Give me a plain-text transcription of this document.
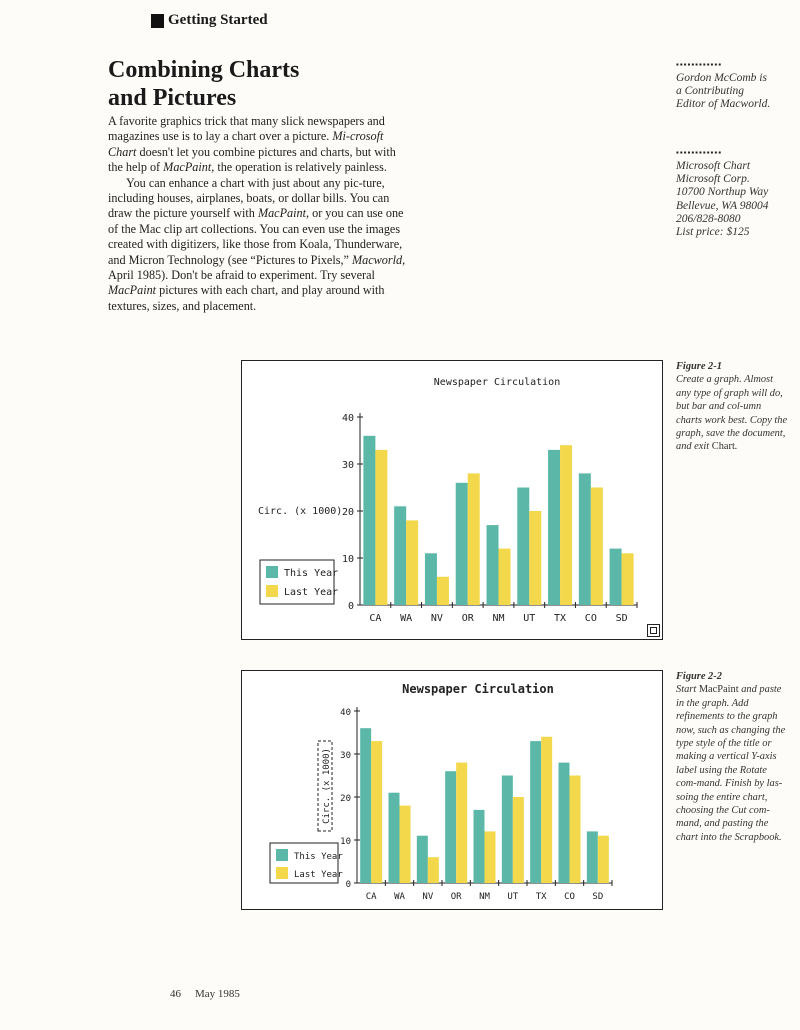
Getting Started
Combining Charts
and Pictures

A favorite graphics trick that many slick newspapers and magazines use is to lay a chart over a picture. Mi-crosoft Chart doesn't let you combine pictures and charts, but with the help of MacPaint, the operation is relatively painless.

You can enhance a chart with just about any pic-ture, including houses, airplanes, boats, or dollar bills. You can draw the picture yourself with MacPaint, or you can use one of the Mac clip art collections. You can even use the images created with digitizers, like those from Koala, Thunderware, and Micron Technology (see “Pictures to Pixels,” Macworld, April 1985). Don't be afraid to experiment. Try several MacPaint pictures with each chart, and play around with textures, sizes, and placement.

▪▪▪▪▪▪▪▪▪▪▪▪
Gordon McComb is
a Contributing
Editor of Macworld.
▪▪▪▪▪▪▪▪▪▪▪▪
Microsoft Chart
Microsoft Corp.
10700 Northup Way
Bellevue, WA 98004
206/828-8080
List price: $125
Newspaper Circulation
0
10
20
30
40
CA WA NV OR NM UT TX CO SD
Circ. (x 1000)
This Year
Last Year
Newspaper Circulation
0
10
20
30
40
CA WA NV OR NM UT TX CO SD
Circ. (x 1000)
This Year
Last Year
Figure 2-1
Create a graph. Almost any type of graph will do, but bar and col-umn charts work best. Copy the graph, save the document, and exit Chart.
Figure 2-2
Start MacPaint and paste in the graph. Add refinements to the graph now, such as changing the type style of the title or making a vertical Y-axis label using the Rotate com-mand. Finish by las-soing the entire chart, choosing the Cut com-mand, and pasting the chart into the Scrapbook.
46 May 1985
